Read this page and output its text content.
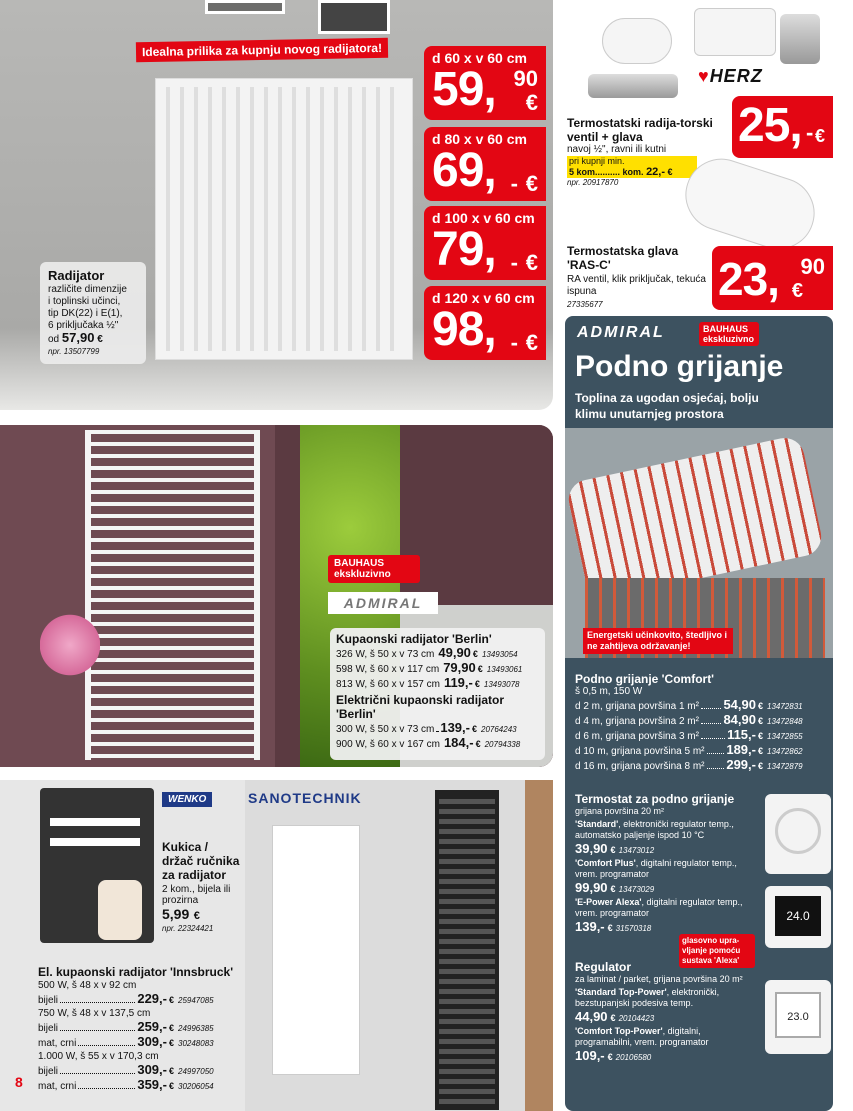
Idealna prilika za kupnju novog radijatora!	d 60 x v 60 cm
59, 90
€
d 80 x v 60 cm
69, - €
d 100 x v 60 cm
79, - €
d 120 x v 60 cm
98, - €
Radijator
različite dimenzije
i toplinski učinci,
tip DK(22) i E(1),
6 priključaka ½"
od 57,90 €
npr. 13507799
♥HERZ
25, - €
Termostatski radija-torski ventil + glava
navoj ½", ravni ili kutni
pri kupnji min.
5 kom.......... kom. 22,- €
npr. 20917870
23, 90
€
Termostatska glava 'RAS-C'
RA ventil, klik priključak, tekuća ispuna
27335677
BAUHAUS ekskluzivno
ADMIRAL
Kupaonski radijator 'Berlin'
326 W, š 50 x v 73 cm 49,90 € 13493054
598 W, š 60 x v 117 cm 79,90 € 13493061
813 W, š 60 x v 157 cm 119,- € 13493078
Električni kupaonski radijator 'Berlin'
300 W, š 50 x v 73 cm 139,- € 20764243
900 W, š 60 x v 167 cm 184,- € 20794338
WENKO
Kukica / držač ručnika za radijator
2 kom., bijela ili prozirna
5,99 €
npr. 22324421
SANOTECHNIK
El. kupaonski radijator 'Innsbruck'
500 W, š 48 x v 92 cm
bijeli	229,- € 25947085
750 W, š 48 x v 137,5 cm
bijeli	259,- € 24996385
mat, crni	309,- € 30248083
1.000 W, š 55 x v 170,3 cm
bijeli	309,- € 24997050
mat, crni	359,- € 30206054
8
ADMIRAL	BAUHAUS ekskluzivno
Podno grijanje
Toplina za ugodan osjećaj, bolju klimu unutarnjeg prostora
Energetski učinkovito, štedljivo i ne zahtijeva održavanje!
Podno grijanje 'Comfort'
š 0,5 m, 150 W
d 2 m, grijana površina 1 m² 54,90 € 13472831
d 4 m, grijana površina 2 m² 84,90 € 13472848
d 6 m, grijana površina 3 m² 115,- € 13472855
d 10 m, grijana površina 5 m² 189,- € 13472862
d 16 m, grijana površina 8 m² 299,- € 13472879
Termostat za podno grijanje
grijana površina 20 m²
'Standard', elektronički regulator temp., automatsko paljenje ispod 10 °C
39,90 € 13473012
'Comfort Plus', digitalni regulator temp., vrem. programator
99,90 € 13473029
'E-Power Alexa', digitalni regulator temp., vrem. programator
139,- € 31570318
24.0
glasovno upra-vljanje pomoću sustava 'Alexa'
Regulator
za laminat / parket, grijana površina 20 m²
'Standard Top-Power', elektronički, bezstupanjski podesiva temp.
44,90 € 20104423
'Comfort Top-Power', digitalni, programabilni, vrem. programator
109,- € 20106580
23.0
